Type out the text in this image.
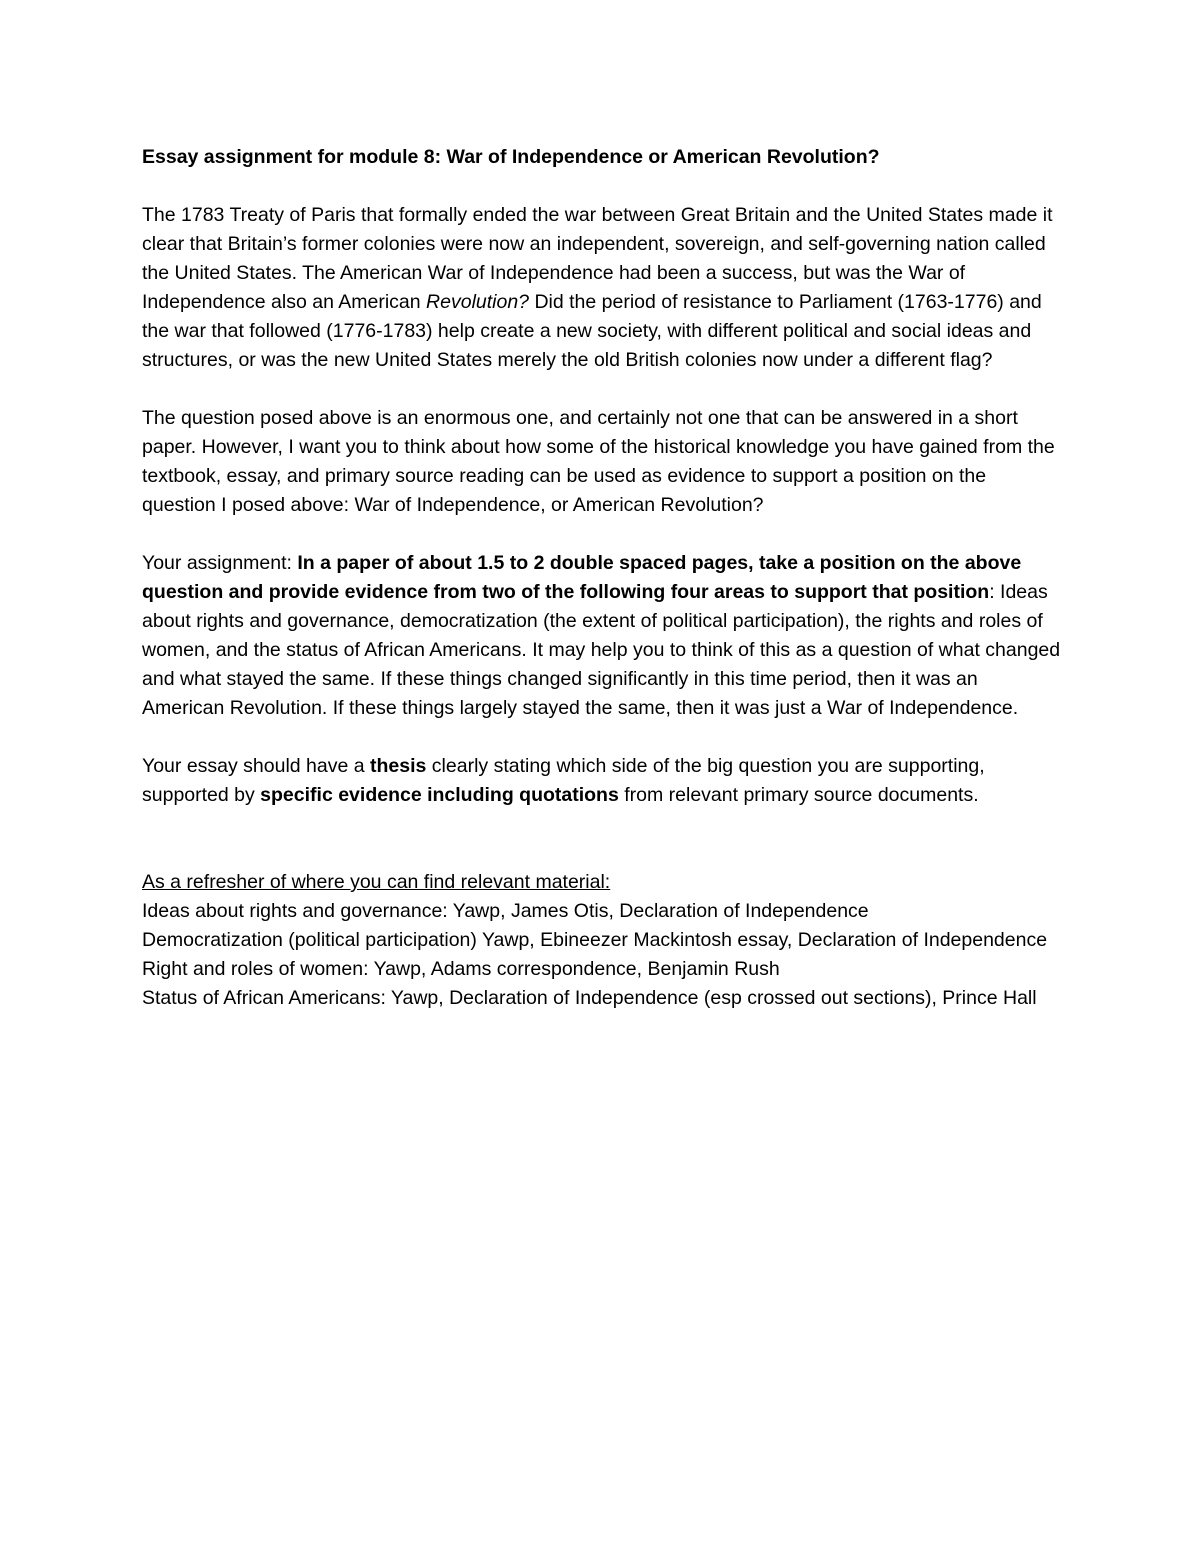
Essay assignment for module 8: War of Independence or American Revolution?

The 1783 Treaty of Paris that formally ended the war between Great Britain and the United States made it clear that Britain’s former colonies were now an independent, sovereign, and self-governing nation called the United States. The American War of Independence had been a success, but was the War of Independence also an American Revolution? Did the period of resistance to Parliament (1763-1776) and the war that followed (1776-1783) help create a new society, with different political and social ideas and structures, or was the new United States merely the old British colonies now under a different flag?

The question posed above is an enormous one, and certainly not one that can be answered in a short paper. However, I want you to think about how some of the historical knowledge you have gained from the textbook, essay, and primary source reading can be used as evidence to support a position on the question I posed above: War of Independence, or American Revolution?

Your assignment: In a paper of about 1.5 to 2 double spaced pages, take a position on the above question and provide evidence from two of the following four areas to support that position: Ideas about rights and governance, democratization (the extent of political participation), the rights and roles of women, and the status of African Americans. It may help you to think of this as a question of what changed and what stayed the same. If these things changed significantly in this time period, then it was an American Revolution. If these things largely stayed the same, then it was just a War of Independence.

Your essay should have a thesis clearly stating which side of the big question you are supporting, supported by specific evidence including quotations from relevant primary source documents.

As a refresher of where you can find relevant material:
Ideas about rights and governance: Yawp, James Otis, Declaration of Independence
Democratization (political participation) Yawp, Ebineezer Mackintosh essay, Declaration of Independence
Right and roles of women: Yawp, Adams correspondence, Benjamin Rush
Status of African Americans: Yawp, Declaration of Independence (esp crossed out sections), Prince Hall
